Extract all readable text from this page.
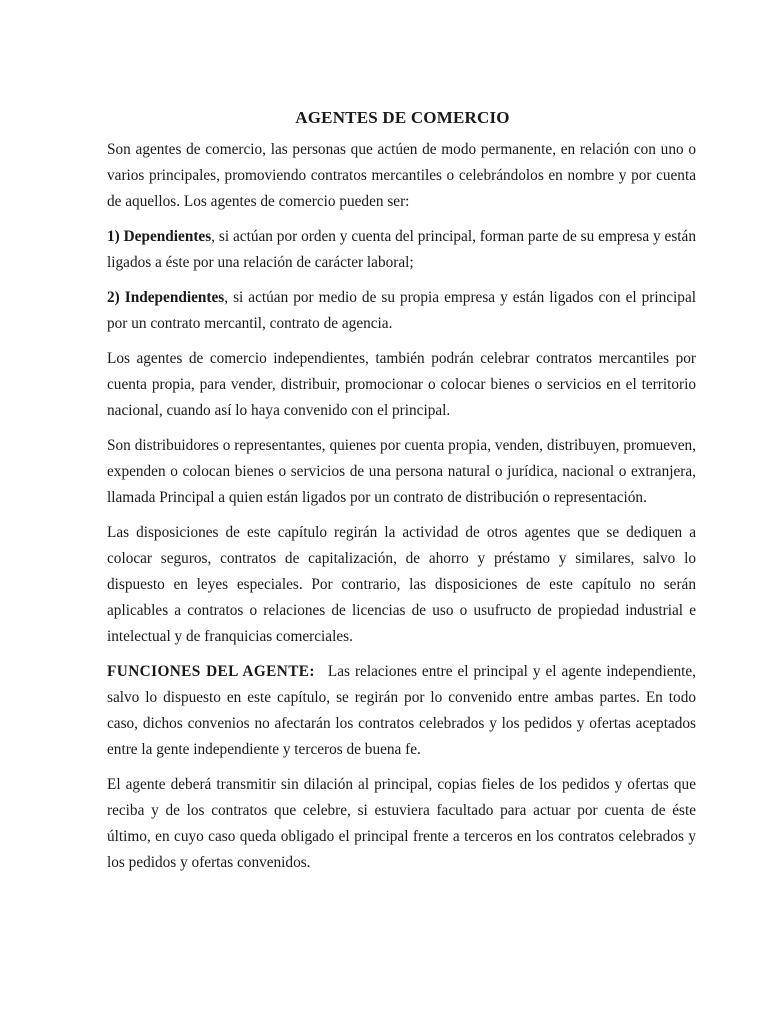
AGENTES DE COMERCIO

Son agentes de comercio, las personas que actúen de modo permanente, en relación con uno o varios principales, promoviendo contratos mercantiles o celebrándolos en nombre y por cuenta de aquellos. Los agentes de comercio pueden ser:

1) Dependientes, si actúan por orden y cuenta del principal, forman parte de su empresa y están ligados a éste por una relación de carácter laboral;

2) Independientes, si actúan por medio de su propia empresa y están ligados con el principal por un contrato mercantil, contrato de agencia.

Los agentes de comercio independientes, también podrán celebrar contratos mercantiles por cuenta propia, para vender, distribuir, promocionar o colocar bienes o servicios en el territorio nacional, cuando así lo haya convenido con el principal.

Son distribuidores o representantes, quienes por cuenta propia, venden, distribuyen, promueven, expenden o colocan bienes o servicios de una persona natural o jurídica, nacional o extranjera, llamada Principal a quien están ligados por un contrato de distribución o representación.

Las disposiciones de este capítulo regirán la actividad de otros agentes que se dediquen a colocar seguros, contratos de capitalización, de ahorro y préstamo y similares, salvo lo dispuesto en leyes especiales. Por contrario, las disposiciones de este capítulo no serán aplicables a contratos o relaciones de licencias de uso o usufructo de propiedad industrial e intelectual y de franquicias comerciales.

FUNCIONES DEL AGENTE: Las relaciones entre el principal y el agente independiente, salvo lo dispuesto en este capítulo, se regirán por lo convenido entre ambas partes. En todo caso, dichos convenios no afectarán los contratos celebrados y los pedidos y ofertas aceptados entre la gente independiente y terceros de buena fe.

El agente deberá transmitir sin dilación al principal, copias fieles de los pedidos y ofertas que reciba y de los contratos que celebre, si estuviera facultado para actuar por cuenta de éste último, en cuyo caso queda obligado el principal frente a terceros en los contratos celebrados y los pedidos y ofertas convenidos.
